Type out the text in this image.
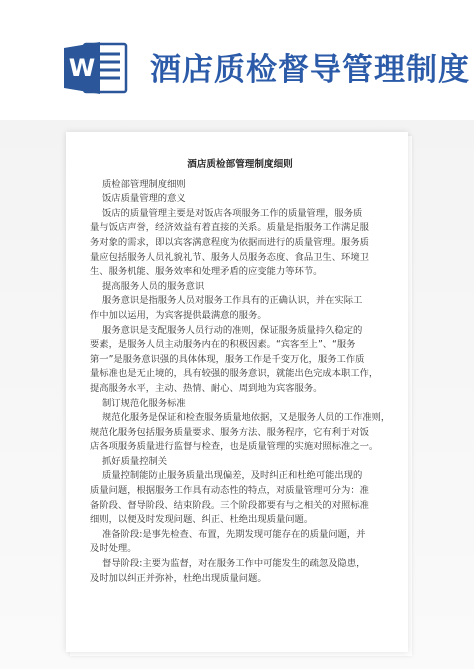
W 酒店质检督导管理制度
酒店质检部管理制度细则
质检部管理制度细则
饭店质量管理的意义
饭店的质量管理主要是对饭店各项服务工作的质量管理，服务质
量与饭店声誉，经济效益有着直接的关系。质量是指服务工作满足服
务对象的需求，即以宾客满意程度为依据而进行的质量管理。服务质
量应包括服务人员礼貌礼节、服务人员服务态度、食品卫生、环境卫
生、服务机能、服务效率和处理矛盾的应变能力等环节。
提高服务人员的服务意识
服务意识是指服务人员对服务工作具有的正确认识，并在实际工
作中加以运用，为宾客提供最满意的服务。
服务意识是支配服务人员行动的准则，保证服务质量持久稳定的
要素，是服务人员主动服务内在的积极因素。“宾客至上”、“服务
第一”是服务意识强的具体体现，服务工作是千变万化，服务工作质
量标准也是无止境的，具有较强的服务意识，就能出色完成本职工作，
提高服务水平，主动、热情、耐心、周到地为宾客服务。
制订规范化服务标准
规范化服务是保证和检查服务质量地依据，又是服务人员的工作准则，
规范化服务包括服务质量要求、服务方法、服务程序，它有利于对饭
店各项服务质量进行监督与检查，也是质量管理的实施对照标准之一。
抓好质量控制关
质量控制能防止服务质量出现偏差，及时纠正和杜绝可能出现的
质量问题，根据服务工作具有动态性的特点，对质量管理可分为：准
备阶段、督导阶段、结束阶段。三个阶段都要有与之相关的对照标准
细则，以便及时发现问题、纠正、杜绝出现质量问题。
准备阶段:是事先检查、布置，先期发现可能存在的质量问题，并
及时处理。
督导阶段:主要为监督，对在服务工作中可能发生的疏忽及隐患，
及时加以纠正并弥补，杜绝出现质量问题。
